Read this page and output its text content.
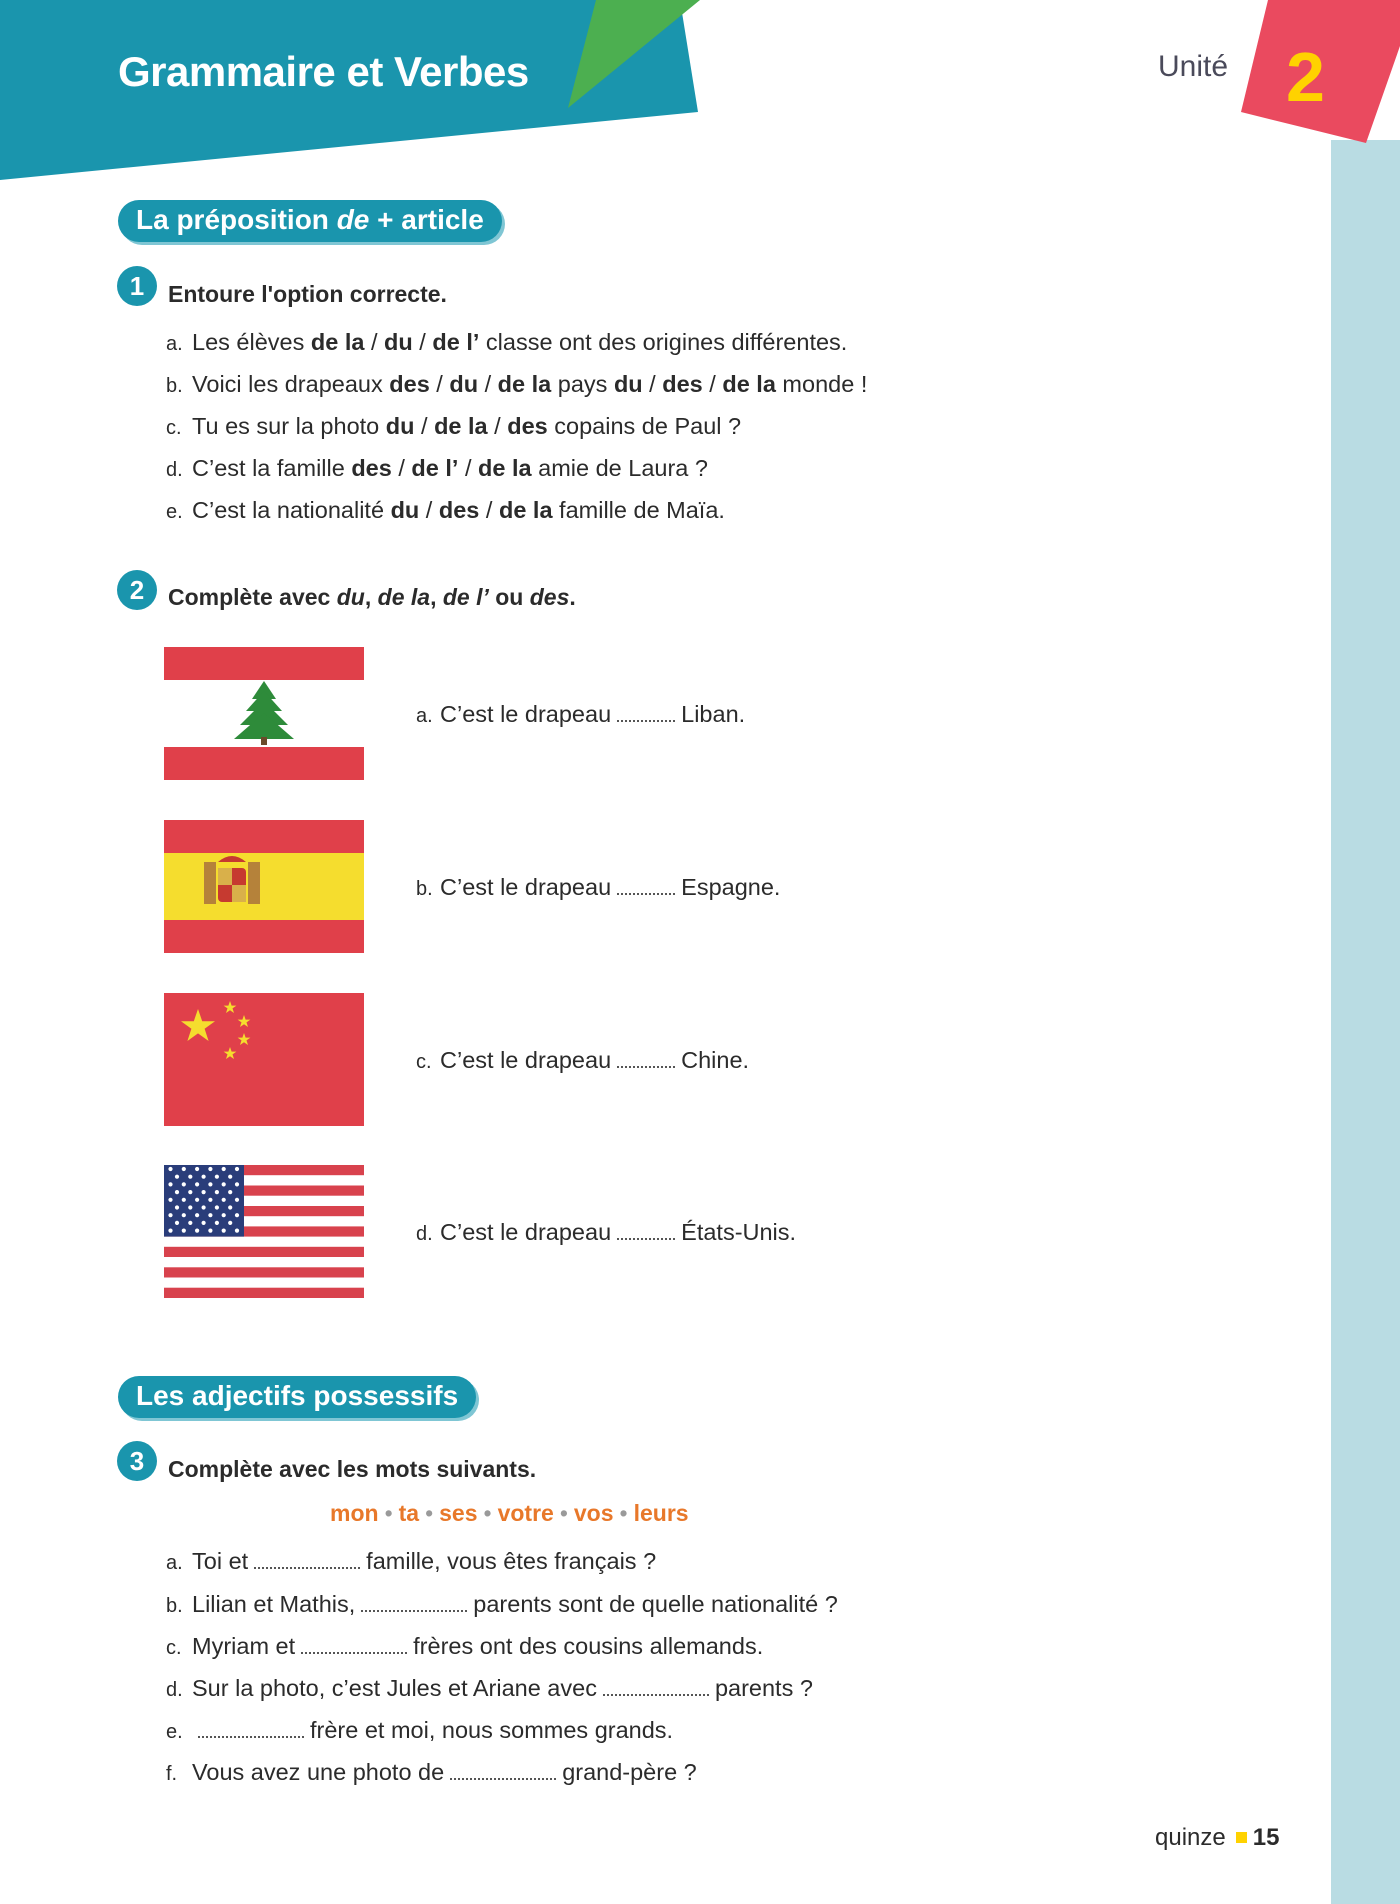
Grammaire et Verbes	Unité 2
La préposition de + article
1	Entoure l'option correcte.
a. Les élèves de la / du / de l’ classe ont des origines différentes.
b. Voici les drapeaux des / du / de la pays du / des / de la monde !
c. Tu es sur la photo du / de la / des copains de Paul ?
d. C’est la famille des / de l’ / de la amie de Laura ?
e. C’est la nationalité du / des / de la famille de Maïa.
2	Complète avec du, de la, de l’ ou des.
a. C’est le drapeau	Liban.
b. C’est le drapeau	Espagne.
c. C’est le drapeau	Chine.
d. C’est le drapeau	États-Unis.
Les adjectifs possessifs
3	Complète avec les mots suivants.
mon • ta • ses • votre • vos • leurs
a. Toi et	famille, vous êtes français ?
b. Lilian et Mathis,	parents sont de quelle nationalité ?
c. Myriam et	frères ont des cousins allemands.
d. Sur la photo, c’est Jules et Ariane avec	parents ?
e.	frère et moi, nous sommes grands.
f. Vous avez une photo de	grand-père ?
quinze 15
